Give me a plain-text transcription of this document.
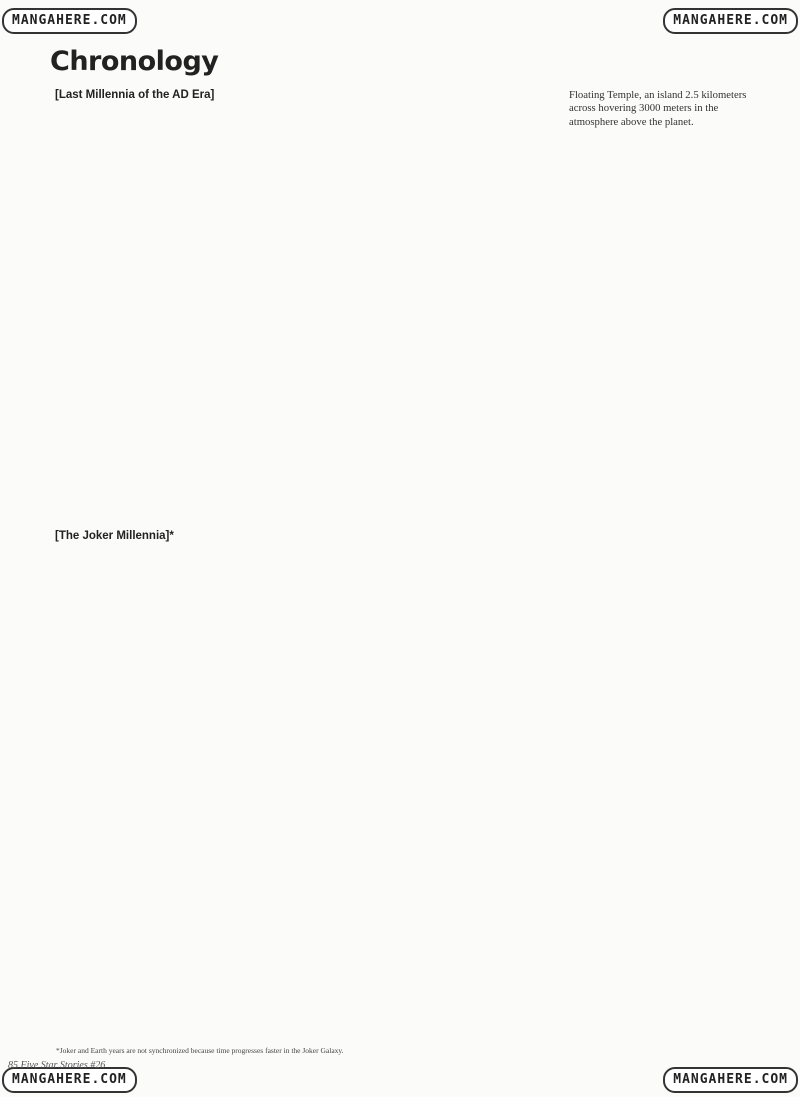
MANGAHERE.COM	MANGAHERE.COM
MANGAHERE.COM	MANGAHERE.COM
Chronology
[Last Millennia of the AD Era]
[The Joker Millennia]*
Floating Temple, an island 2.5 kilometers across hovering 3000 meters in the atmosphere above the planet.
*Joker and Earth years are not synchronized because time progresses faster in the Joker Galaxy.
85 Five Star Stories #26
